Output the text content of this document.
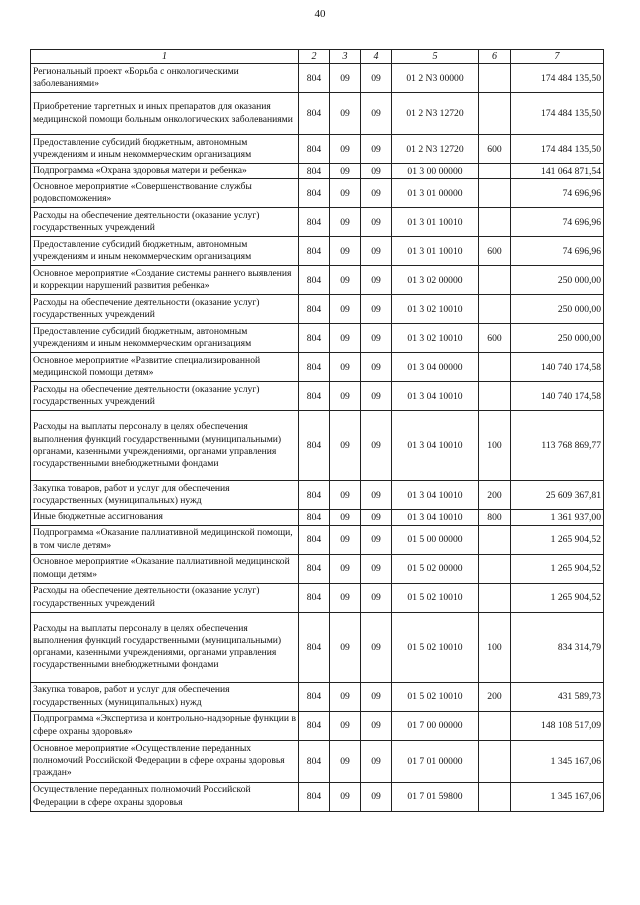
40
1	2	3	4	5	6	7
Региональный проект «Борьба с онкологическими заболеваниями»	804	09	09	01 2 N3 00000		174 484 135,50
Приобретение таргетных и иных препаратов для оказания медицинской помощи больным онкологических заболеваниями	804	09	09	01 2 N3 12720		174 484 135,50
Предоставление субсидий бюджетным, автономным учреждениям и иным некоммерческим организациям	804	09	09	01 2 N3 12720	600	174 484 135,50
Подпрограмма «Охрана здоровья матери и ребенка»	804	09	09	01 3 00 00000		141 064 871,54
Основное мероприятие «Совершенствование службы родовспоможения»	804	09	09	01 3 01 00000		74 696,96
Расходы на обеспечение деятельности (оказание услуг) государственных учреждений	804	09	09	01 3 01 10010		74 696,96
Предоставление субсидий бюджетным, автономным учреждениям и иным некоммерческим организациям	804	09	09	01 3 01 10010	600	74 696,96
Основное мероприятие «Создание системы раннего выявления и коррекции нарушений развития ребенка»	804	09	09	01 3 02 00000		250 000,00
Расходы на обеспечение деятельности (оказание услуг) государственных учреждений	804	09	09	01 3 02 10010		250 000,00
Предоставление субсидий бюджетным, автономным учреждениям и иным некоммерческим организациям	804	09	09	01 3 02 10010	600	250 000,00
Основное мероприятие «Развитие специализированной медицинской помощи детям»	804	09	09	01 3 04 00000		140 740 174,58
Расходы на обеспечение деятельности (оказание услуг) государственных учреждений	804	09	09	01 3 04 10010		140 740 174,58
Расходы на выплаты персоналу в целях обеспечения выполнения функций государственными (муниципальными) органами, казенными учреждениями, органами управления государственными внебюджетными фондами	804	09	09	01 3 04 10010	100	113 768 869,77
Закупка товаров, работ и услуг для обеспечения государственных (муниципальных) нужд	804	09	09	01 3 04 10010	200	25 609 367,81
Иные бюджетные ассигнования	804	09	09	01 3 04 10010	800	1 361 937,00
Подпрограмма «Оказание паллиативной медицинской помощи, в том числе детям»	804	09	09	01 5 00 00000		1 265 904,52
Основное мероприятие «Оказание паллиативной медицинской помощи детям»	804	09	09	01 5 02 00000		1 265 904,52
Расходы на обеспечение деятельности (оказание услуг) государственных учреждений	804	09	09	01 5 02 10010		1 265 904,52
Расходы на выплаты персоналу в целях обеспечения выполнения функций государственными (муниципальными) органами, казенными учреждениями, органами управления государственными внебюджетными фондами	804	09	09	01 5 02 10010	100	834 314,79
Закупка товаров, работ и услуг для обеспечения государственных (муниципальных) нужд	804	09	09	01 5 02 10010	200	431 589,73
Подпрограмма «Экспертиза и контрольно-надзорные функции в сфере охраны здоровья»	804	09	09	01 7 00 00000		148 108 517,09
Основное мероприятие «Осуществление переданных полномочий Российской Федерации в сфере охраны здоровья граждан»	804	09	09	01 7 01 00000		1 345 167,06
Осуществление переданных полномочий Российской Федерации в сфере охраны здоровья	804	09	09	01 7 01 59800		1 345 167,06
